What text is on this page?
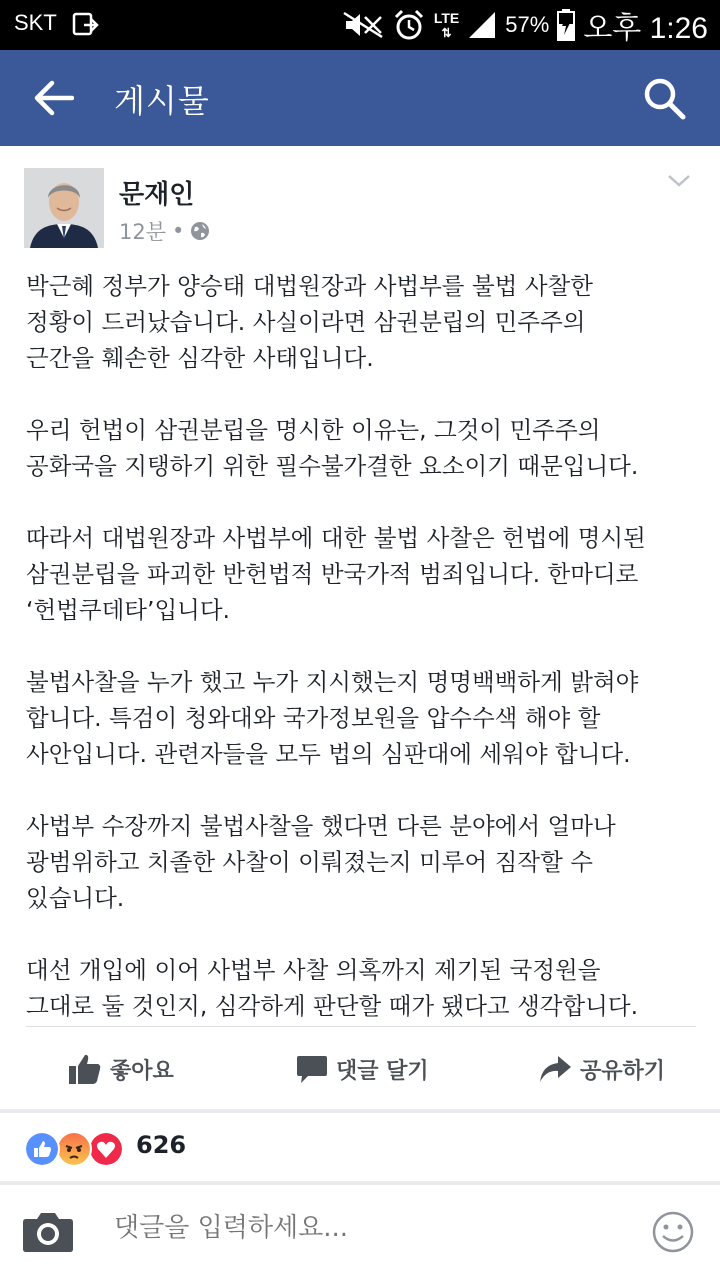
SKT	LTE
⇅	57% 오후 1:26
게시물
문재인
12분 •

박근혜 정부가 양승태 대법원장과 사법부를 불법 사찰한
정황이 드러났습니다. 사실이라면 삼권분립의 민주주의
근간을 훼손한 심각한 사태입니다.

우리 헌법이 삼권분립을 명시한 이유는, 그것이 민주주의
공화국을 지탱하기 위한 필수불가결한 요소이기 때문입니다.

따라서 대법원장과 사법부에 대한 불법 사찰은 헌법에 명시된
삼권분립을 파괴한 반헌법적 반국가적 범죄입니다. 한마디로
‘헌법쿠데타’입니다.

불법사찰을 누가 했고 누가 지시했는지 명명백백하게 밝혀야
합니다. 특검이 청와대와 국가정보원을 압수수색 해야 할
사안입니다. 관련자들을 모두 법의 심판대에 세워야 합니다.

사법부 수장까지 불법사찰을 했다면 다른 분야에서 얼마나
광범위하고 치졸한 사찰이 이뤄졌는지 미루어 짐작할 수
있습니다.

대선 개입에 이어 사법부 사찰 의혹까지 제기된 국정원을
그대로 둘 것인지, 심각하게 판단할 때가 됐다고 생각합니다.

좋아요	댓글 달기	공유하기
626
댓글을 입력하세요...
